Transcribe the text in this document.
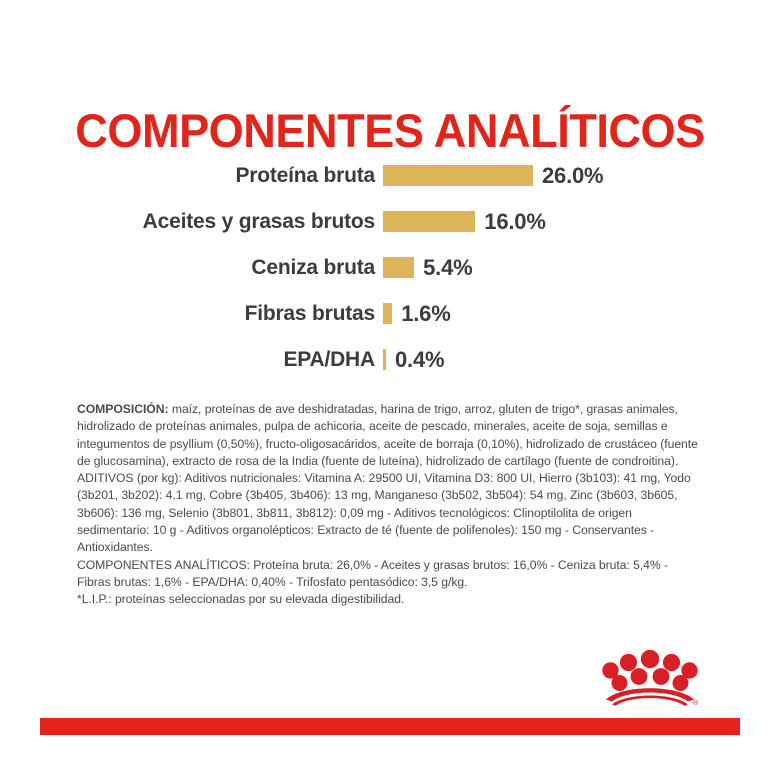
COMPONENTES ANALÍTICOS
Proteína bruta	26.0%
Aceites y grasas brutos	16.0%
Ceniza bruta	5.4%
Fibras brutas	1.6%
EPA/DHA 0.4%

COMPOSICIÓN: maíz, proteínas de ave deshidratadas, harina de trigo, arroz, gluten de trigo*, grasas animales, hidrolizado de proteínas animales, pulpa de achicoria, aceite de pescado, minerales, aceite de soja, semillas e integumentos de psyllium (0,50%), fructo-oligosacáridos, aceite de borraja (0,10%), hidrolizado de crustáceo (fuente de glucosamina), extracto de rosa de la India (fuente de luteína), hidrolizado de cartílago (fuente de condroitina).

ADITIVOS (por kg): Aditivos nutricionales: Vitamina A: 29500 UI, Vitamina D3: 800 UI, Hierro (3b103): 41 mg, Yodo (3b201, 3b202): 4,1 mg, Cobre (3b405, 3b406): 13 mg, Manganeso (3b502, 3b504): 54 mg, Zinc (3b603, 3b605, 3b606): 136 mg, Selenio (3b801, 3b811, 3b812): 0,09 mg - Aditivos tecnológicos: Clinoptilolita de origen sedimentario: 10 g - Aditivos organolépticos: Extracto de té (fuente de polifenoles): 150 mg - Conservantes - Antioxidantes.

COMPONENTES ANALÍTICOS: Proteína bruta: 26,0% - Aceites y grasas brutos: 16,0% - Ceniza bruta: 5,4% - Fibras brutas: 1,6% - EPA/DHA: 0,40% - Trifosfato pentasódico: 3,5 g/kg.

*L.I.P.: proteínas seleccionadas por su elevada digestibilidad.

®
